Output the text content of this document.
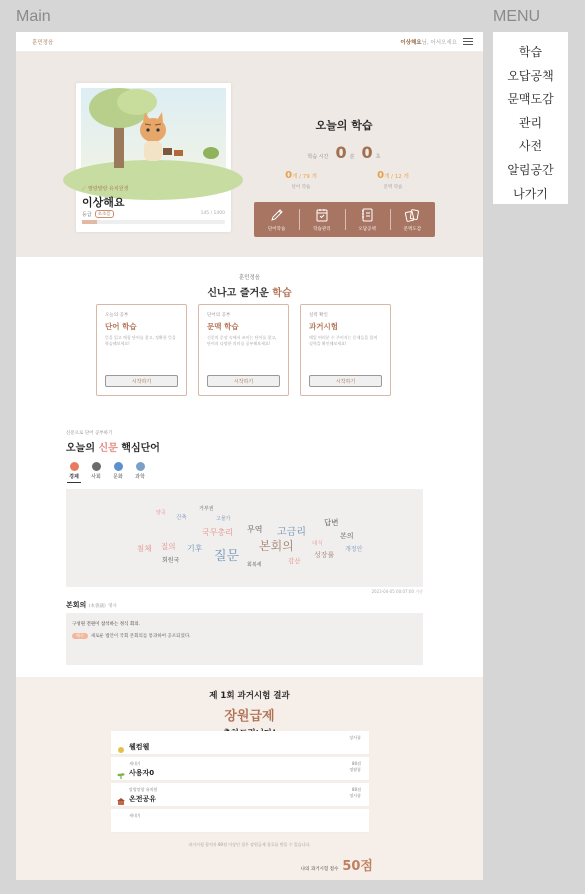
Main	MENU
학습
오답공책
문맥도감
관리
사전
알림공간
나가기
훈민정음	이상해요님, 어서오세요
☄ 말랑말랑 유치원생
이상해요
등급	초초름	145 / 1400
오늘의 학습
학습 시간 0 분 0 초
0개 / 79 개
단어 학습
0개 / 12 개
문맥 학습
단어학습	학습관리	오답공책	문맥도감
훈민정음
신나고 즐거운 학습
오늘의 공부
단어 학습
뜻을 읽고 매칭 단어를 찾고, 정확한 뜻을 학습해보세요!
시작하기
단어의 공부
문맥 학습
신문의 문장 속에서 쓰이는 단어를 찾고, 단어의 다양한 의미를 공부해보세요!
시작하기
실력 확인
과거시험
매일 여러분 수 주어지는 문제들을 풀며 실력을 확인해보세요!
시작하기
신문으로 단어 공부하기
오늘의 신문 핵심단어
경제 사회 문화 과학
양곡
건축
거부권
고물가
국무총리 무역 고금리
답변
침체 질의 기후	본회의	대식
본의
개정안
회원국	질문
회복세	감산
성장률
2023-04-05 00:07:00 기준
본회의 (本會議) 명사
구성원 전원이 참석하는 정식 회의.
예시	새로운 법안이 국회 본회의를 통과하여 공포되었다.
제 1회 과거시험 결과
장원급제
웰컴웰
장사품
새내기
사용자0
80점
정팔품
말랑말랑 유치원
온전공유
80점
정사품
새내기
과거시험 합격자 80점 이상인 경우 장원급제 칭호를 받을 수 있습니다.
나의 과거시험 점수 50점
